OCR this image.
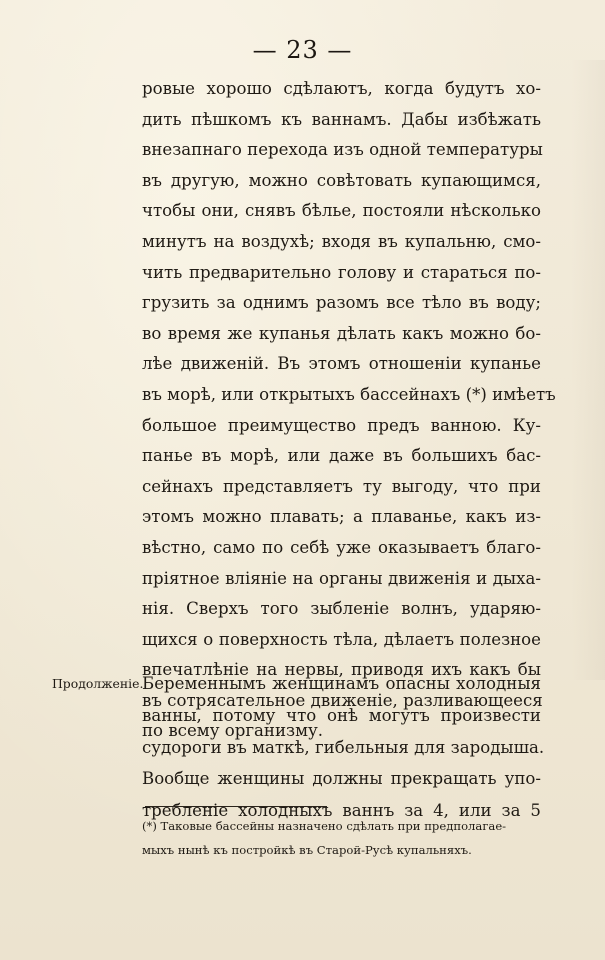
— 23 —
ровые хорошо сдѣлаютъ, когда будутъ хо-
дить пѣшкомъ къ ваннамъ. Дабы избѣжать
внезапнаго перехода изъ одной температуры
въ другую, можно совѣтовать купающимся,
чтобы они, снявъ бѣлье, постояли нѣсколько
минутъ на воздухѣ; входя въ купальню, смо-
чить предварительно голову и стараться по-
грузить за однимъ разомъ все тѣло въ воду;
во время же купанья дѣлать какъ можно бо-
лѣе движеній. Въ этомъ отношеніи купанье
въ морѣ, или открытыхъ бассейнахъ (*) имѣетъ
большое преимущество предъ ванною. Ку-
панье въ морѣ, или даже въ большихъ бас-
сейнахъ представляетъ ту выгоду, что при
этомъ можно плавать; а плаванье, какъ из-
вѣстно, само по себѣ уже оказываетъ благо-
пріятное вліяніе на органы движенія и дыха-
нія. Сверхъ того зыбленіе волнъ, ударяю-
щихся о поверхность тѣла, дѣлаетъ полезное
впечатлѣніе на нервы, приводя ихъ какъ бы
въ сотрясательное движеніе, разливающееся
по всему организму.
Продолженіе.
Беременнымъ женщинамъ опасны холодныя
ванны, потому что онѣ могутъ произвести
судороги въ маткѣ, гибельныя для зародыша.
Вообще женщины должны прекращать упо-
требленіе холодныхъ ваннъ за 4, или за 5
(*) Таковые бассейны назначено сдѣлать при предполагае-
мыхъ нынѣ къ постройкѣ въ Старой-Русѣ купальняхъ.
